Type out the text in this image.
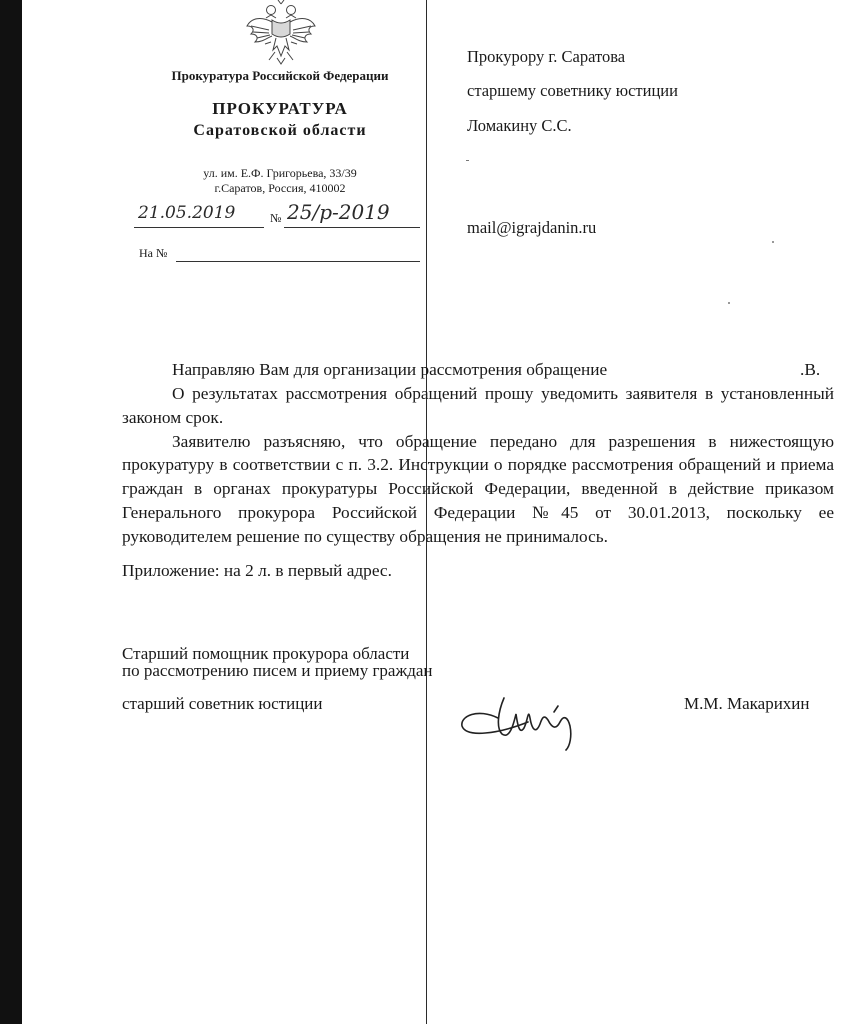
Прокуратура Российской Федерации
ПРОКУРАТУРА
Саратовской области
ул. им. Е.Ф. Григорьева, 33/39
г.Саратов, Россия, 410002
21.05.2019	№ 25/р-2019
На №
Прокурору г. Саратова
старшему советнику юстиции
Ломакину С.С.
mail@igrajdanin.ru
Направляю Вам для организации рассмотрения обращение	.В.

О результатах рассмотрения обращений прошу уведомить заявителя в установленный законом срок.

Заявителю разъясняю, что обращение передано для разрешения в нижестоящую прокуратуру в соответствии с п. 3.2. Инструкции о порядке рассмотрения обращений и приема граждан в органах прокуратуры Российской Федерации, введенной в действие приказом Генерального прокурора Российской Федерации №45 от 30.01.2013, поскольку ее руководителем решение по существу обращения не принималось.

Приложение: на 2 л. в первый адрес.

Старший помощник прокурора области
по рассмотрению писем и приему граждан
старший советник юстиции	М.М. Макарихин
